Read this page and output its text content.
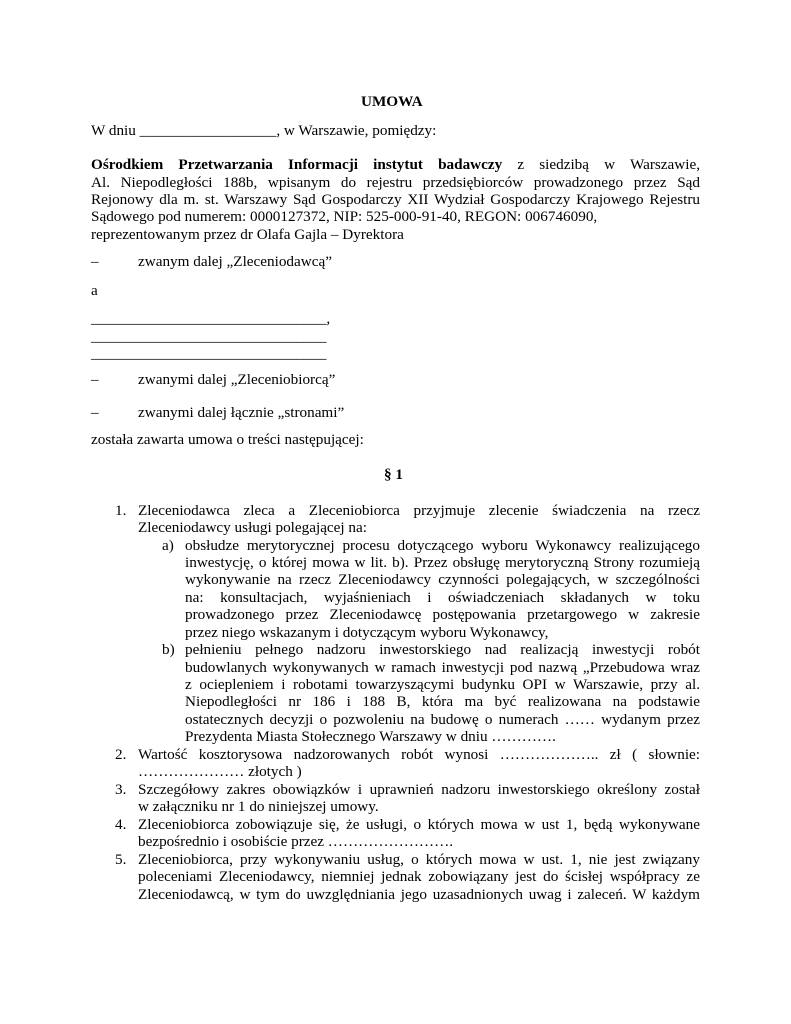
UMOWA
W dniu __________________, w Warszawie, pomiędzy:
Ośrodkiem Przetwarzania Informacji instytut badawczy z siedzibą w Warszawie,
Al. Niepodległości 188b, wpisanym do rejestru przedsiębiorców prowadzonego przez Sąd
Rejonowy dla m. st. Warszawy Sąd Gospodarczy XII Wydział Gospodarczy Krajowego Rejestru
Sądowego pod numerem: 0000127372, NIP: 525-000-91-40, REGON: 006746090,
reprezentowanym przez dr Olafa Gajla – Dyrektora
–	zwanym dalej „Zleceniodawcą”
a
_______________________________,
_______________________________
_______________________________
–	zwanymi dalej „Zleceniobiorcą”
–	zwanymi dalej łącznie „stronami”
została zawarta umowa o treści następującej:
§ 1
1. Zleceniodawca zleca a Zleceniobiorca przyjmuje zlecenie świadczenia na rzecz
Zleceniodawcy usługi polegającej na:
a) obsłudze merytorycznej procesu dotyczącego wyboru Wykonawcy realizującego
inwestycję, o której mowa w lit. b). Przez obsługę merytoryczną Strony rozumieją
wykonywanie na rzecz Zleceniodawcy czynności polegających, w szczególności
na: konsultacjach, wyjaśnieniach i oświadczeniach składanych w toku
prowadzonego przez Zleceniodawcę postępowania przetargowego w zakresie
przez niego wskazanym i dotyczącym wyboru Wykonawcy,
b) pełnieniu pełnego nadzoru inwestorskiego nad realizacją inwestycji robót
budowlanych wykonywanych w ramach inwestycji pod nazwą „Przebudowa wraz
z ociepleniem i robotami towarzyszącymi budynku OPI w Warszawie, przy al.
Niepodległości nr 186 i 188 B, która ma być realizowana na podstawie
ostatecznych decyzji o pozwoleniu na budowę o numerach …… wydanym przez
Prezydenta Miasta Stołecznego Warszawy w dniu ………….
2. Wartość kosztorysowa nadzorowanych robót wynosi ……………….. zł ( słownie:
………………… złotych )
3. Szczegółowy zakres obowiązków i uprawnień nadzoru inwestorskiego określony został
w załączniku nr 1 do niniejszej umowy.
4. Zleceniobiorca zobowiązuje się, że usługi, o których mowa w ust 1, będą wykonywane
bezpośrednio i osobiście przez …………………….
5. Zleceniobiorca, przy wykonywaniu usług, o których mowa w ust. 1, nie jest związany
poleceniami Zleceniodawcy, niemniej jednak zobowiązany jest do ścisłej współpracy ze
Zleceniodawcą, w tym do uwzględniania jego uzasadnionych uwag i zaleceń. W każdym
